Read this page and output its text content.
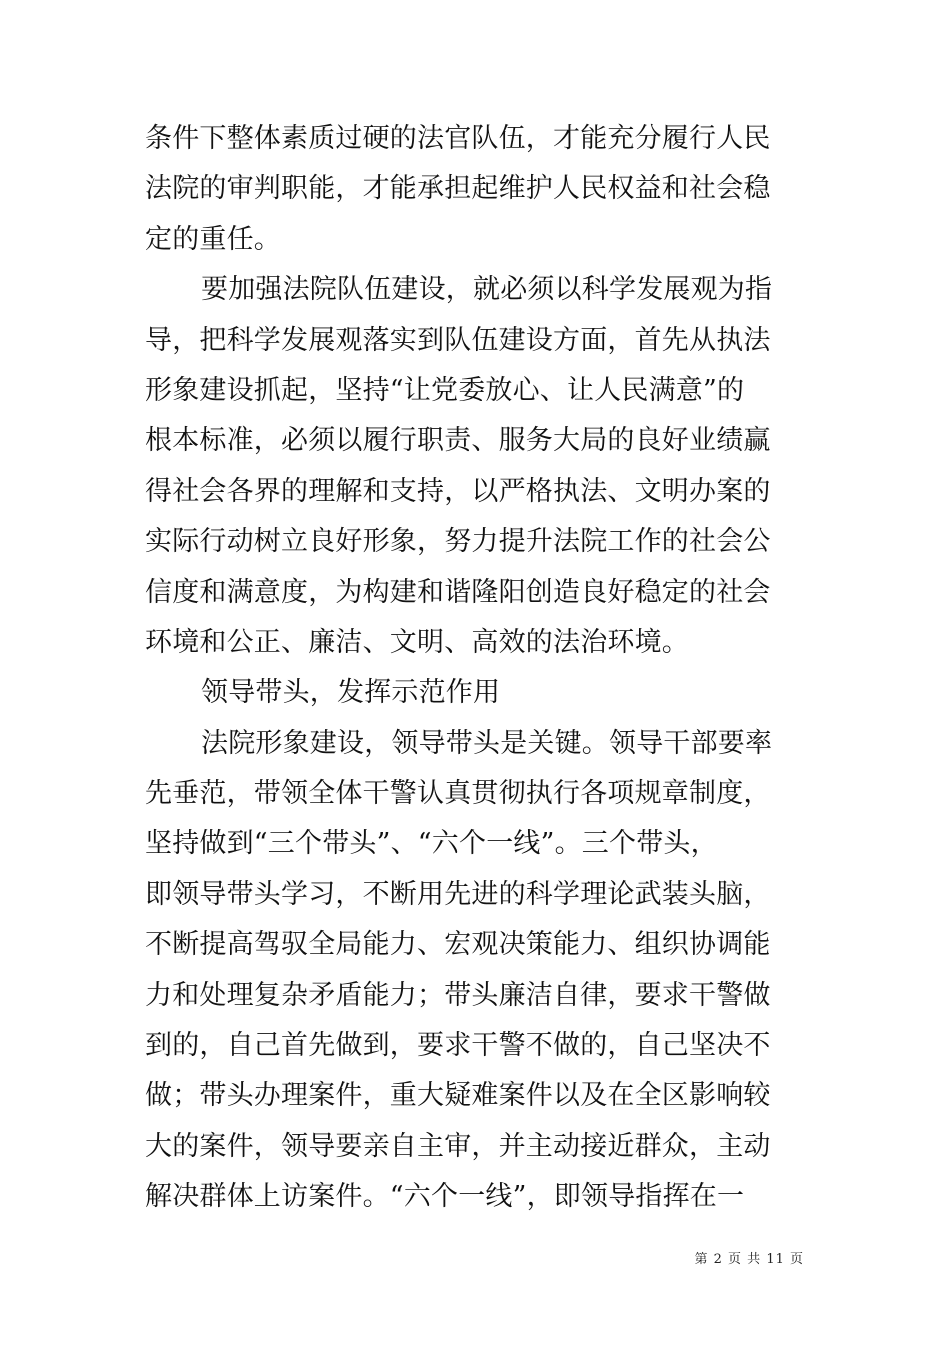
条件下整体素质过硬的法官队伍，才能充分履行人民
法院的审判职能，才能承担起维护人民权益和社会稳
定的重任。
要加强法院队伍建设，就必须以科学发展观为指
导，把科学发展观落实到队伍建设方面，首先从执法
形象建设抓起，坚持“让党委放心、让人民满意”的
根本标准，必须以履行职责、服务大局的良好业绩赢
得社会各界的理解和支持，以严格执法、文明办案的
实际行动树立良好形象，努力提升法院工作的社会公
信度和满意度，为构建和谐隆阳创造良好稳定的社会
环境和公正、廉洁、文明、高效的法治环境。
领导带头，发挥示范作用
法院形象建设，领导带头是关键。领导干部要率
先垂范，带领全体干警认真贯彻执行各项规章制度，
坚持做到“三个带头”、“六个一线”。三个带头，
即领导带头学习，不断用先进的科学理论武装头脑，
不断提高驾驭全局能力、宏观决策能力、组织协调能
力和处理复杂矛盾能力；带头廉洁自律，要求干警做
到的，自己首先做到，要求干警不做的，自己坚决不
做；带头办理案件，重大疑难案件以及在全区影响较
大的案件，领导要亲自主审，并主动接近群众，主动
解决群体上访案件。“六个一线”，即领导指挥在一
第 2 页 共 11 页
